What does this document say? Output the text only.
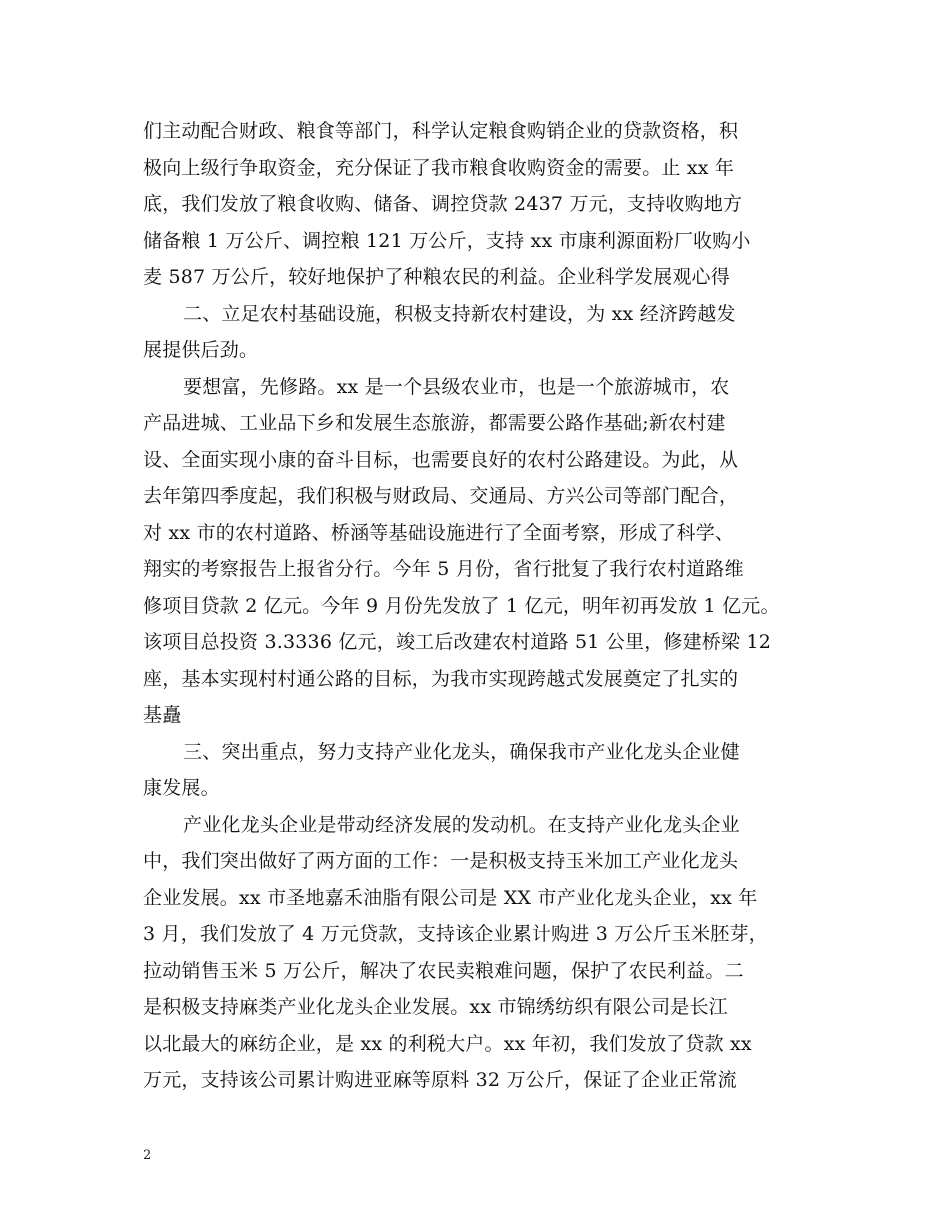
们主动配合财政、粮食等部门，科学认定粮食购销企业的贷款资格，积
极向上级行争取资金，充分保证了我市粮食收购资金的需要。止 xx 年
底，我们发放了粮食收购、储备、调控贷款 2437 万元，支持收购地方
储备粮 1 万公斤、调控粮 121 万公斤，支持 xx 市康利源面粉厂收购小
麦 587 万公斤，较好地保护了种粮农民的利益。企业科学发展观心得
二、立足农村基础设施，积极支持新农村建设，为 xx 经济跨越发
展提供后劲。
要想富，先修路。xx 是一个县级农业市，也是一个旅游城市，农
产品进城、工业品下乡和发展生态旅游，都需要公路作基础;新农村建
设、全面实现小康的奋斗目标，也需要良好的农村公路建设。为此，从
去年第四季度起，我们积极与财政局、交通局、方兴公司等部门配合，
对 xx 市的农村道路、桥涵等基础设施进行了全面考察，形成了科学、
翔实的考察报告上报省分行。今年 5 月份，省行批复了我行农村道路维
修项目贷款 2 亿元。今年 9 月份先发放了 1 亿元，明年初再发放 1 亿元。
该项目总投资 3.3336 亿元，竣工后改建农村道路 51 公里，修建桥梁 12
座，基本实现村村通公路的目标，为我市实现跨越式发展奠定了扎实的
基矗
三、突出重点，努力支持产业化龙头，确保我市产业化龙头企业健
康发展。
产业化龙头企业是带动经济发展的发动机。在支持产业化龙头企业
中，我们突出做好了两方面的工作：一是积极支持玉米加工产业化龙头
企业发展。xx 市圣地嘉禾油脂有限公司是 XX 市产业化龙头企业，xx 年
3 月，我们发放了 4 万元贷款，支持该企业累计购进 3 万公斤玉米胚芽，
拉动销售玉米 5 万公斤，解决了农民卖粮难问题，保护了农民利益。二
是积极支持麻类产业化龙头企业发展。xx 市锦绣纺织有限公司是长江
以北最大的麻纺企业，是 xx 的利税大户。xx 年初，我们发放了贷款 xx
万元，支持该公司累计购进亚麻等原料 32 万公斤，保证了企业正常流
2
